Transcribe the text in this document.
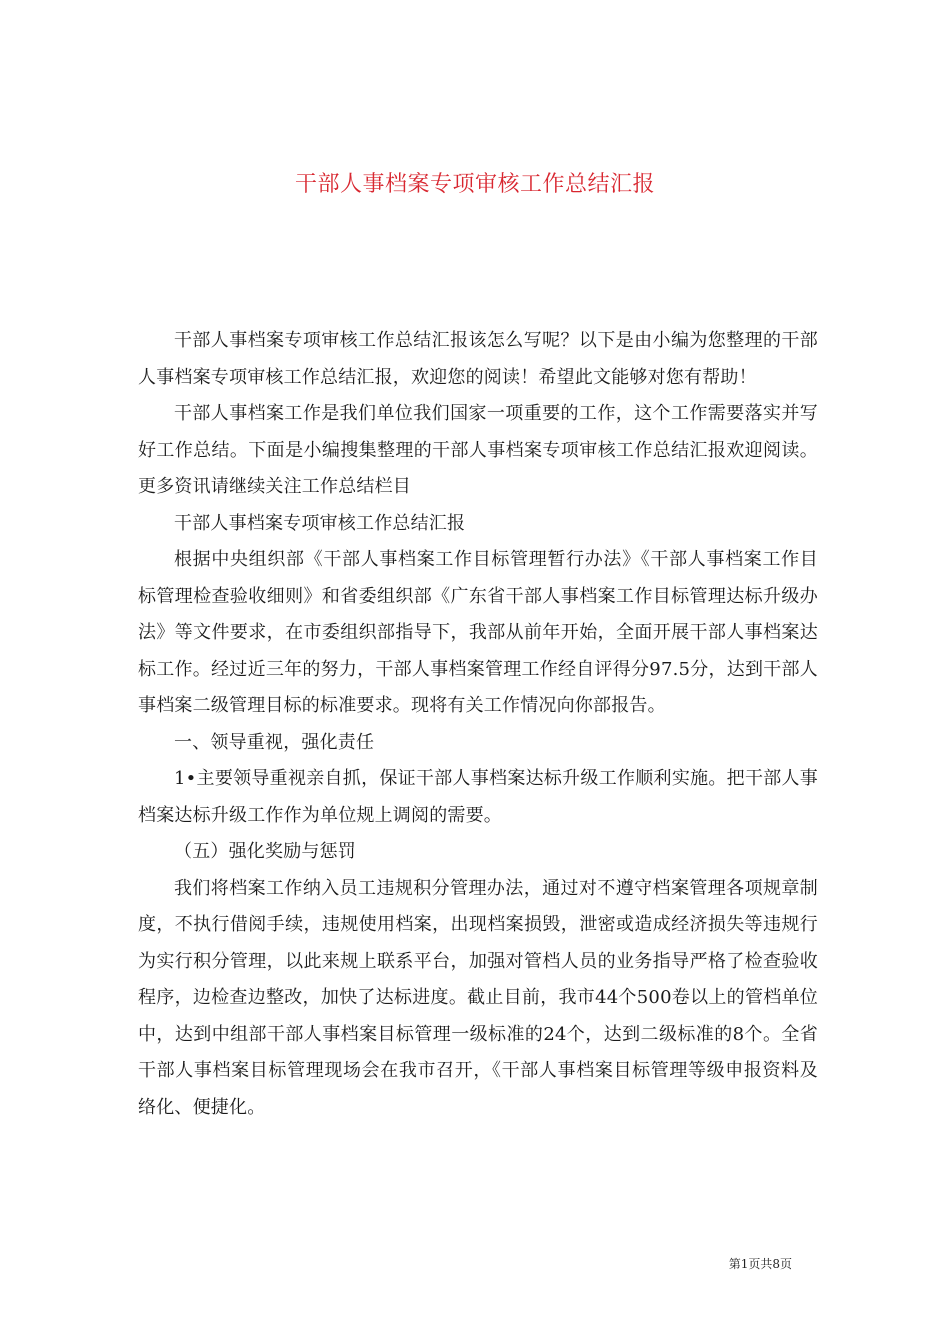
干部人事档案专项审核工作总结汇报

干部人事档案专项审核工作总结汇报该怎么写呢？以下是由小编为您整理的干部人事档案专项审核工作总结汇报，欢迎您的阅读！希望此文能够对您有帮助！

干部人事档案工作是我们单位我们国家一项重要的工作，这个工作需要落实并写好工作总结。下面是小编搜集整理的干部人事档案专项审核工作总结汇报欢迎阅读。更多资讯请继续关注工作总结栏目

干部人事档案专项审核工作总结汇报

根据中央组织部《干部人事档案工作目标管理暂行办法》《干部人事档案工作目标管理检查验收细则》和省委组织部《广东省干部人事档案工作目标管理达标升级办法》等文件要求，在市委组织部指导下，我部从前年开始，全面开展干部人事档案达标工作。经过近三年的努力，干部人事档案管理工作经自评得分97.5分，达到干部人事档案二级管理目标的标准要求。现将有关工作情况向你部报告。

一、领导重视，强化责任

1•主要领导重视亲自抓，保证干部人事档案达标升级工作顺利实施。把干部人事档案达标升级工作作为单位规上调阅的需要。

（五）强化奖励与惩罚

我们将档案工作纳入员工违规积分管理办法，通过对不遵守档案管理各项规章制度，不执行借阅手续，违规使用档案，出现档案损毁，泄密或造成经济损失等违规行为实行积分管理，以此来规上联系平台，加强对管档人员的业务指导严格了检查验收程序，边检查边整改，加快了达标进度。截止目前，我市44个500卷以上的管档单位中，达到中组部干部人事档案目标管理一级标准的24个，达到二级标准的8个。全省干部人事档案目标管理现场会在我市召开，《干部人事档案目标管理等级申报资料及络化、便捷化。

第1页共8页
